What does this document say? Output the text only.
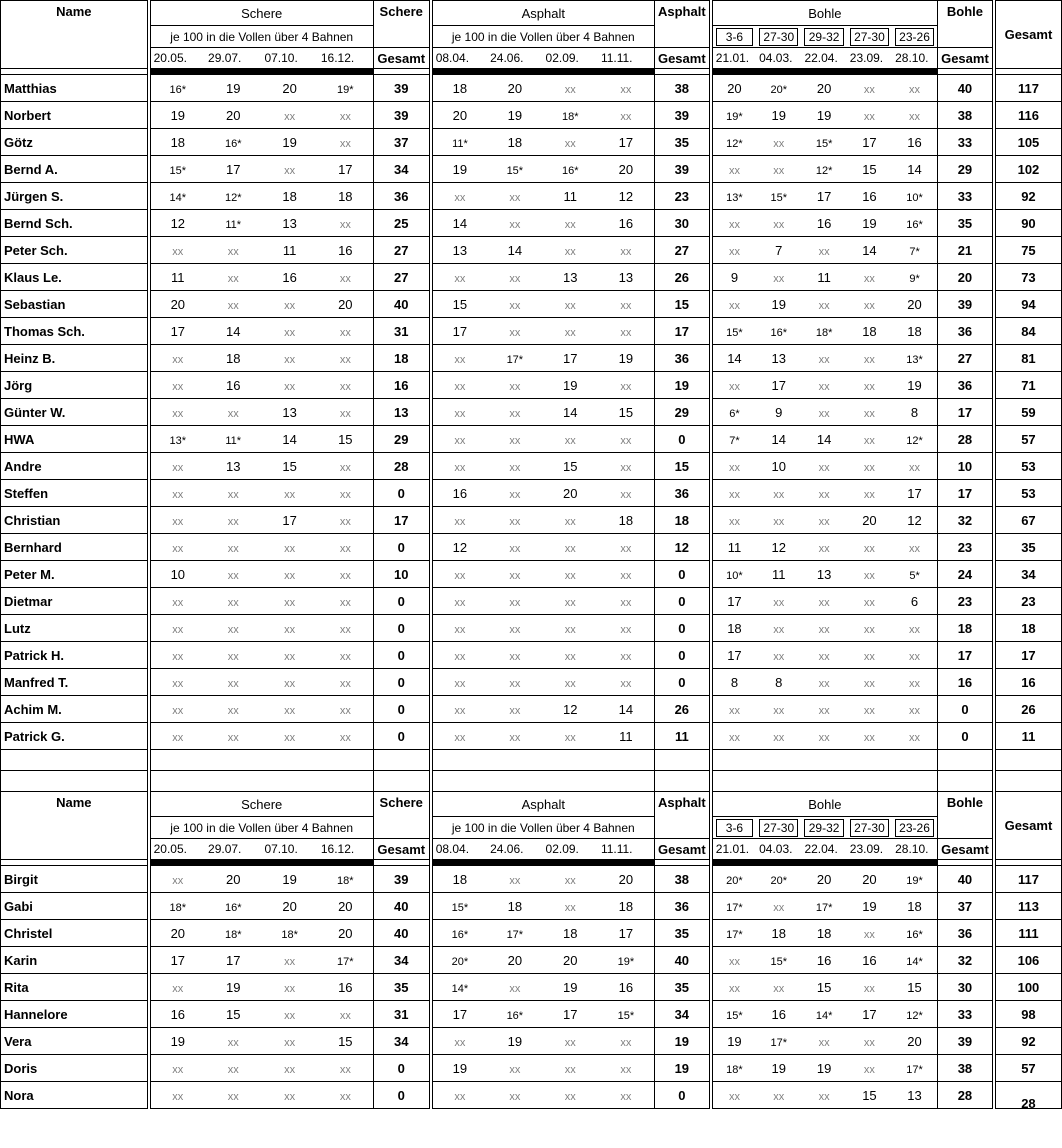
Name	Schere				Schere	Asphalt				Asphalt	Bohle					Bohle	Gesamt
	je 100 in die Vollen über 4 Bahnen					je 100 in die Vollen über 4 Bahnen					3-6	27-30	29-32	27-30	23-26		

	20.05.	29.07.	07.10.	16.12.	Gesamt	08.04.	24.06.	02.09.	11.11.	Gesamt	21.01.	04.03.	22.04.	23.09.	28.10.	Gesamt	

Matthias	16*	19	20	19*	39	18	20	xx	xx	38	20	20*	20	xx	xx	40	117
Norbert	19	20	xx	xx	39	20	19	18*	xx	39	19*	19	19	xx	xx	38	116
Götz	18	16*	19	xx	37	11*	18	xx	17	35	12*	xx	15*	17	16	33	105
Bernd A.	15*	17	xx	17	34	19	15*	16*	20	39	xx	xx	12*	15	14	29	102
Jürgen S.	14*	12*	18	18	36	xx	xx	11	12	23	13*	15*	17	16	10*	33	92
Bernd Sch.	12	11*	13	xx	25	14	xx	xx	16	30	xx	xx	16	19	16*	35	90
Peter Sch.	xx	xx	11	16	27	13	14	xx	xx	27	xx	7	xx	14	7*	21	75
Klaus Le.	11	xx	16	xx	27	xx	xx	13	13	26	9	xx	11	xx	9*	20	73
Sebastian	20	xx	xx	20	40	15	xx	xx	xx	15	xx	19	xx	xx	20	39	94
Thomas Sch.	17	14	xx	xx	31	17	xx	xx	xx	17	15*	16*	18*	18	18	36	84
Heinz B.	xx	18	xx	xx	18	xx	17*	17	19	36	14	13	xx	xx	13*	27	81
Jörg	xx	16	xx	xx	16	xx	xx	19	xx	19	xx	17	xx	xx	19	36	71
Günter W.	xx	xx	13	xx	13	xx	xx	14	15	29	6*	9	xx	xx	8	17	59
HWA	13*	11*	14	15	29	xx	xx	xx	xx	0	7*	14	14	xx	12*	28	57
Andre	xx	13	15	xx	28	xx	xx	15	xx	15	xx	10	xx	xx	xx	10	53
Steffen	xx	xx	xx	xx	0	16	xx	20	xx	36	xx	xx	xx	xx	17	17	53
Christian	xx	xx	17	xx	17	xx	xx	xx	18	18	xx	xx	xx	20	12	32	67
Bernhard	xx	xx	xx	xx	0	12	xx	xx	xx	12	11	12	xx	xx	xx	23	35
Peter M.	10	xx	xx	xx	10	xx	xx	xx	xx	0	10*	11	13	xx	5*	24	34
Dietmar	xx	xx	xx	xx	0	xx	xx	xx	xx	0	17	xx	xx	xx	6	23	23
Lutz	xx	xx	xx	xx	0	xx	xx	xx	xx	0	18	xx	xx	xx	xx	18	18
Patrick H.	xx	xx	xx	xx	0	xx	xx	xx	xx	0	17	xx	xx	xx	xx	17	17
Manfred T.	xx	xx	xx	xx	0	xx	xx	xx	xx	0	8	8	xx	xx	xx	16	16
Achim M.	xx	xx	xx	xx	0	xx	xx	12	14	26	xx	xx	xx	xx	xx	0	26
Patrick G.	xx	xx	xx	xx	0	xx	xx	xx	11	11	xx	xx	xx	xx	xx	0	11

Name	Schere				Schere	Asphalt				Asphalt	Bohle					Bohle	Gesamt
	je 100 in die Vollen über 4 Bahnen					je 100 in die Vollen über 4 Bahnen					3-6	27-30	29-32	27-30	23-26		

	20.05.	29.07.	07.10.	16.12.	Gesamt	08.04.	24.06.	02.09.	11.11.	Gesamt	21.01.	04.03.	22.04.	23.09.	28.10.	Gesamt	

Birgit	xx	20	19	18*	39	18	xx	xx	20	38	20*	20*	20	20	19*	40	117
Gabi	18*	16*	20	20	40	15*	18	xx	18	36	17*	xx	17*	19	18	37	113
Christel	20	18*	18*	20	40	16*	17*	18	17	35	17*	18	18	xx	16*	36	111
Karin	17	17	xx	17*	34	20*	20	20	19*	40	xx	15*	16	16	14*	32	106
Rita	xx	19	xx	16	35	14*	xx	19	16	35	xx	xx	15	xx	15	30	100
Hannelore	16	15	xx	xx	31	17	16*	17	15*	34	15*	16	14*	17	12*	33	98
Vera	19	xx	xx	15	34	xx	19	xx	xx	19	19	17*	xx	xx	20	39	92
Doris	xx	xx	xx	xx	0	19	xx	xx	xx	19	18*	19	19	xx	17*	38	57
Nora	xx	xx	xx	xx	0	xx	xx	xx	xx	0	xx	xx	xx	15	13	28	28
